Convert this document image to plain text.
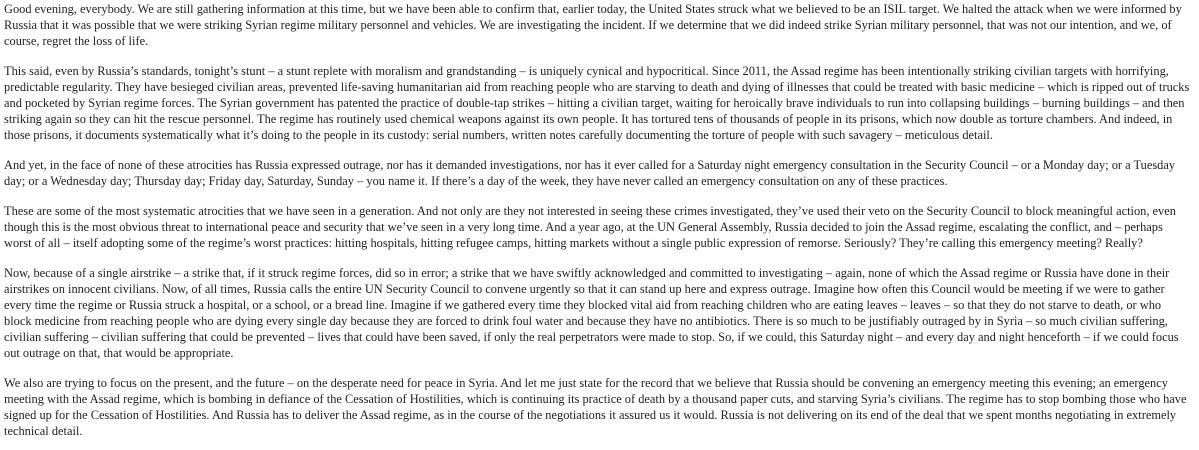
Good evening, everybody. We are still gathering information at this time, but we have been able to confirm that, earlier today, the United States struck what we believed to be an ISIL target. We halted the attack when we were informed by Russia that it was possible that we were striking Syrian regime military personnel and vehicles. We are investigating the incident. If we determine that we did indeed strike Syrian military personnel, that was not our intention, and we, of course, regret the loss of life.

This said, even by Russia’s standards, tonight’s stunt – a stunt replete with moralism and grandstanding – is uniquely cynical and hypocritical. Since 2011, the Assad regime has been intentionally striking civilian targets with horrifying, predictable regularity. They have besieged civilian areas, prevented life-saving humanitarian aid from reaching people who are starving to death and dying of illnesses that could be treated with basic medicine – which is ripped out of trucks and pocketed by Syrian regime forces. The Syrian government has patented the practice of double-tap strikes – hitting a civilian target, waiting for heroically brave individuals to run into collapsing buildings – burning buildings – and then striking again so they can hit the rescue personnel. The regime has routinely used chemical weapons against its own people. It has tortured tens of thousands of people in its prisons, which now double as torture chambers. And indeed, in those prisons, it documents systematically what it’s doing to the people in its custody: serial numbers, written notes carefully documenting the torture of people with such savagery – meticulous detail.

And yet, in the face of none of these atrocities has Russia expressed outrage, nor has it demanded investigations, nor has it ever called for a Saturday night emergency consultation in the Security Council – or a Monday day; or a Tuesday day; or a Wednesday day; Thursday day; Friday day, Saturday, Sunday – you name it. If there’s a day of the week, they have never called an emergency consultation on any of these practices.

These are some of the most systematic atrocities that we have seen in a generation. And not only are they not interested in seeing these crimes investigated, they’ve used their veto on the Security Council to block meaningful action, even though this is the most obvious threat to international peace and security that we’ve seen in a very long time. And a year ago, at the UN General Assembly, Russia decided to join the Assad regime, escalating the conflict, and – perhaps worst of all – itself adopting some of the regime’s worst practices: hitting hospitals, hitting refugee camps, hitting markets without a single public expression of remorse. Seriously? They’re calling this emergency meeting? Really?

Now, because of a single airstrike – a strike that, if it struck regime forces, did so in error; a strike that we have swiftly acknowledged and committed to investigating – again, none of which the Assad regime or Russia have done in their airstrikes on innocent civilians. Now, of all times, Russia calls the entire UN Security Council to convene urgently so that it can stand up here and express outrage. Imagine how often this Council would be meeting if we were to gather every time the regime or Russia struck a hospital, or a school, or a bread line. Imagine if we gathered every time they blocked vital aid from reaching children who are eating leaves – leaves – so that they do not starve to death, or who block medicine from reaching people who are dying every single day because they are forced to drink foul water and because they have no antibiotics. There is so much to be justifiably outraged by in Syria – so much civilian suffering, civilian suffering – civilian suffering that could be prevented – lives that could have been saved, if only the real perpetrators were made to stop. So, if we could, this Saturday night – and every day and night henceforth – if we could focus out outrage on that, that would be appropriate.

We also are trying to focus on the present, and the future – on the desperate need for peace in Syria. And let me just state for the record that we believe that Russia should be convening an emergency meeting this evening; an emergency meeting with the Assad regime, which is bombing in defiance of the Cessation of Hostilities, which is continuing its practice of death by a thousand paper cuts, and starving Syria’s civilians. The regime has to stop bombing those who have signed up for the Cessation of Hostilities. And Russia has to deliver the Assad regime, as in the course of the negotiations it assured us it would. Russia is not delivering on its end of the deal that we spent months negotiating in extremely technical detail.
